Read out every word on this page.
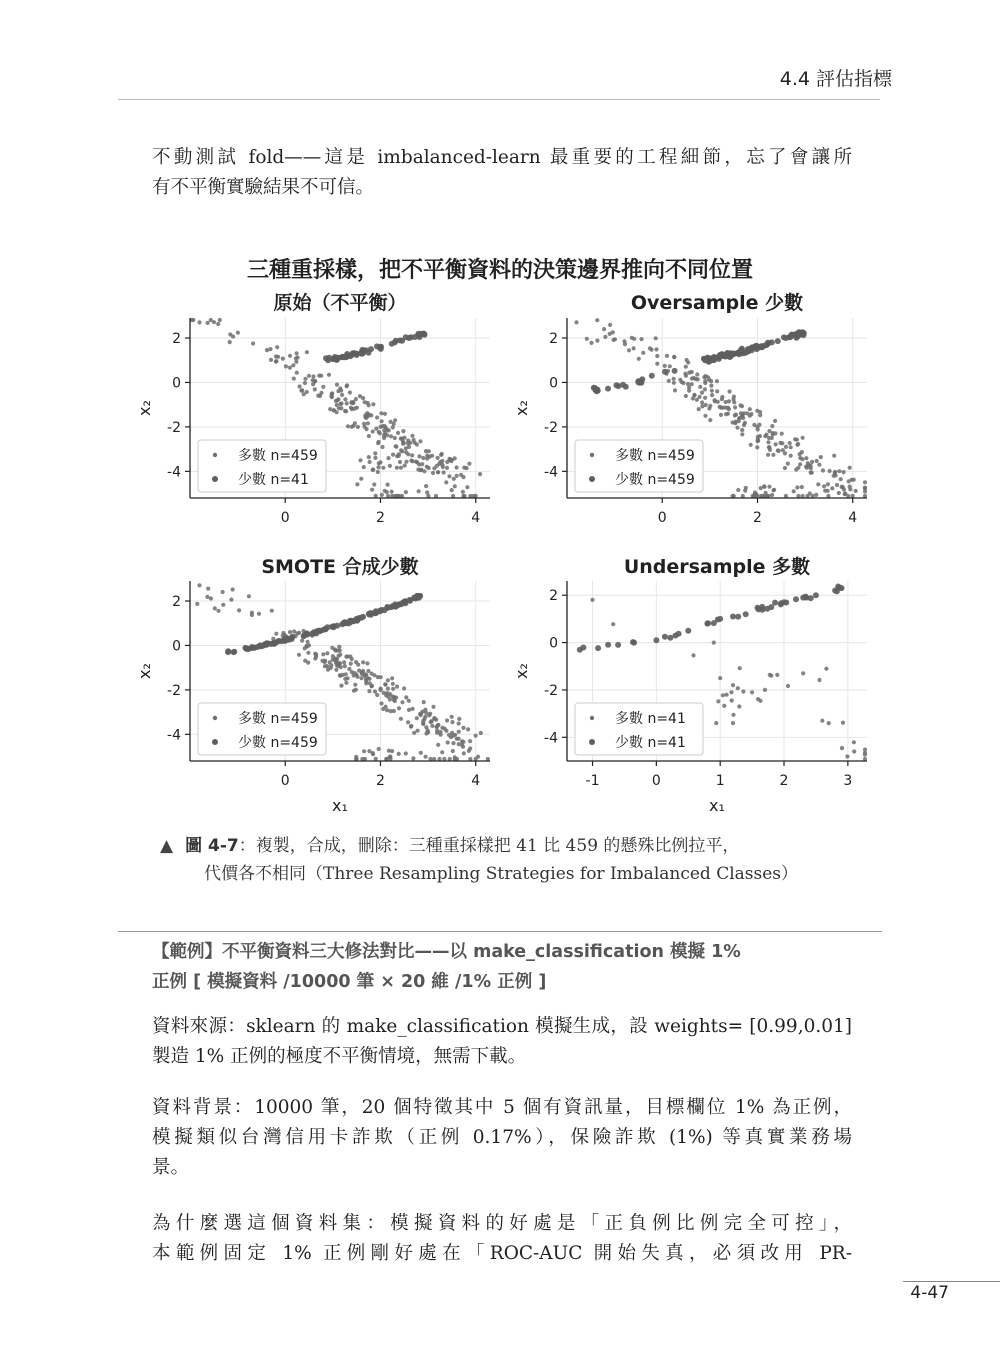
4.4 評估指標
不動測試 fold——這是 imbalanced-learn 最重要的工程細節，忘了會讓所
有不平衡實驗結果不可信。
三種重採樣，把不平衡資料的決策邊界推向不同位置
0	2	4
2
0
-2
-4
原始（不平衡）
x₂
多數 n=459
少數 n=41
0	2	4
2
0
-2
-4
Oversample 少數
x₂
多數 n=459
少數 n=459
0	2	4
2
0
-2
-4
SMOTE 合成少數
x₂
x₁
多數 n=459
少數 n=459
-1	0	1	2	3
2
0
-2
-4
Undersample 多數
x₂
x₁
多數 n=41
少數 n=41
▲ 圖 4-7：複製，合成，刪除：三種重採樣把 41 比 459 的懸殊比例拉平，
代價各不相同（Three Resampling Strategies for Imbalanced Classes）
【範例】不平衡資料三大修法對比——以 make_classification 模擬 1%
正例 [ 模擬資料 /10000 筆 × 20 維 /1% 正例 ]
資料來源：sklearn 的 make_classification 模擬生成，設 weights= [0.99,0.01]
製造 1% 正例的極度不平衡情境，無需下載。
資料背景：10000 筆，20 個特徵其中 5 個有資訊量，目標欄位 1% 為正例，
模擬類似台灣信用卡詐欺（正例 0.17%），保險詐欺 (1%) 等真實業務場
景。
為什麼選這個資料集：模擬資料的好處是「正負例比例完全可控」，
本範例固定 1% 正例剛好處在「ROC-AUC 開始失真，必須改用 PR-
4-47
